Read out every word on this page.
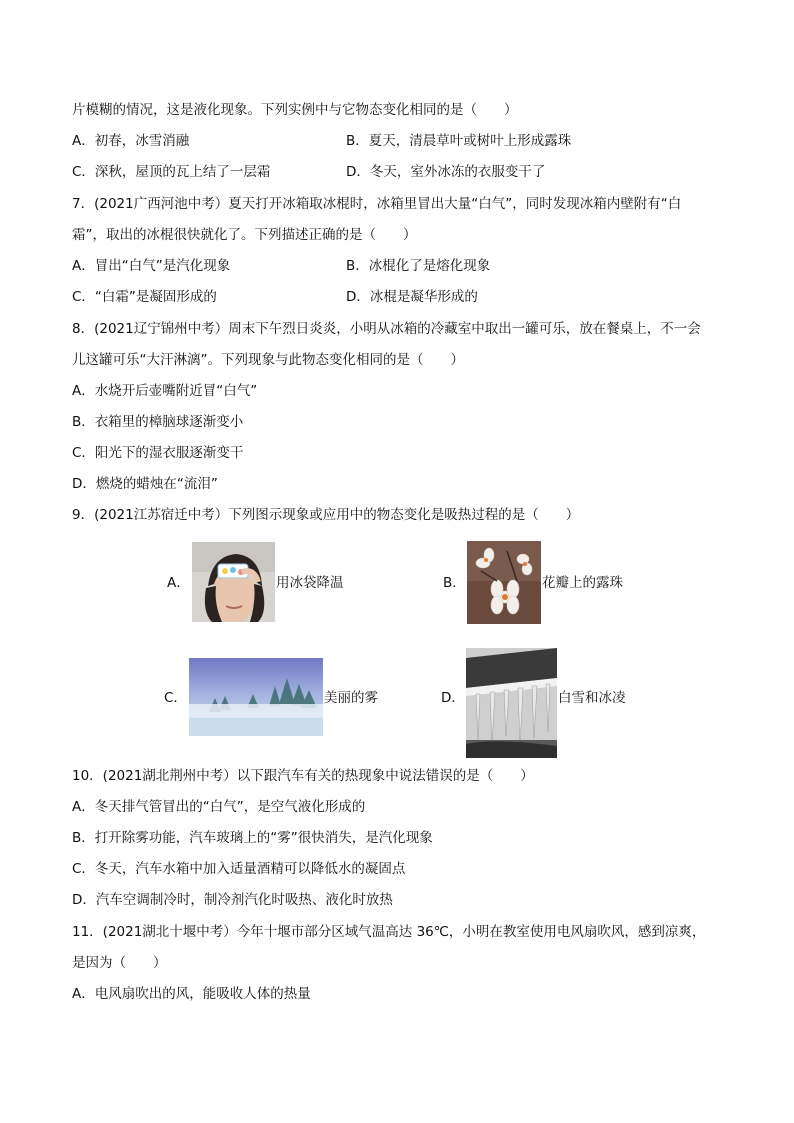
片模糊的情况，这是液化现象。下列实例中与它物态变化相同的是（　　）
A．初春，冰雪消融	B．夏天，清晨草叶或树叶上形成露珠
C．深秋，屋顶的瓦上结了一层霜	D．冬天，室外冰冻的衣服变干了
7．(2021广西河池中考）夏天打开冰箱取冰棍时，冰箱里冒出大量“白气”，同时发现冰箱内壁附有“白
霜”，取出的冰棍很快就化了。下列描述正确的是（　　）
A．冒出“白气”是汽化现象	B．冰棍化了是熔化现象
C．“白霜”是凝固形成的	D．冰棍是凝华形成的
8．(2021辽宁锦州中考）周末下午烈日炎炎，小明从冰箱的冷藏室中取出一罐可乐，放在餐桌上，不一会
儿这罐可乐“大汗淋漓”。下列现象与此物态变化相同的是（　　）
A．水烧开后壶嘴附近冒“白气”
B．衣箱里的樟脑球逐渐变小
C．阳光下的湿衣服逐渐变干
D．燃烧的蜡烛在“流泪”
9．(2021江苏宿迁中考）下列图示现象或应用中的物态变化是吸热过程的是（　　）
A．	用冰袋降温	B．	花瓣上的露珠
C．	美丽的雾	D．	白雪和冰凌
10．(2021湖北荆州中考）以下跟汽车有关的热现象中说法错误的是（　　）
A．冬天排气管冒出的“白气”，是空气液化形成的
B．打开除雾功能，汽车玻璃上的“雾”很快消失，是汽化现象
C．冬天，汽车水箱中加入适量酒精可以降低水的凝固点
D．汽车空调制冷时，制冷剂汽化时吸热、液化时放热
11．(2021湖北十堰中考）今年十堰市部分区域气温高达 36℃，小明在教室使用电风扇吹风，感到凉爽，
是因为（　　）
A．电风扇吹出的风，能吸收人体的热量
